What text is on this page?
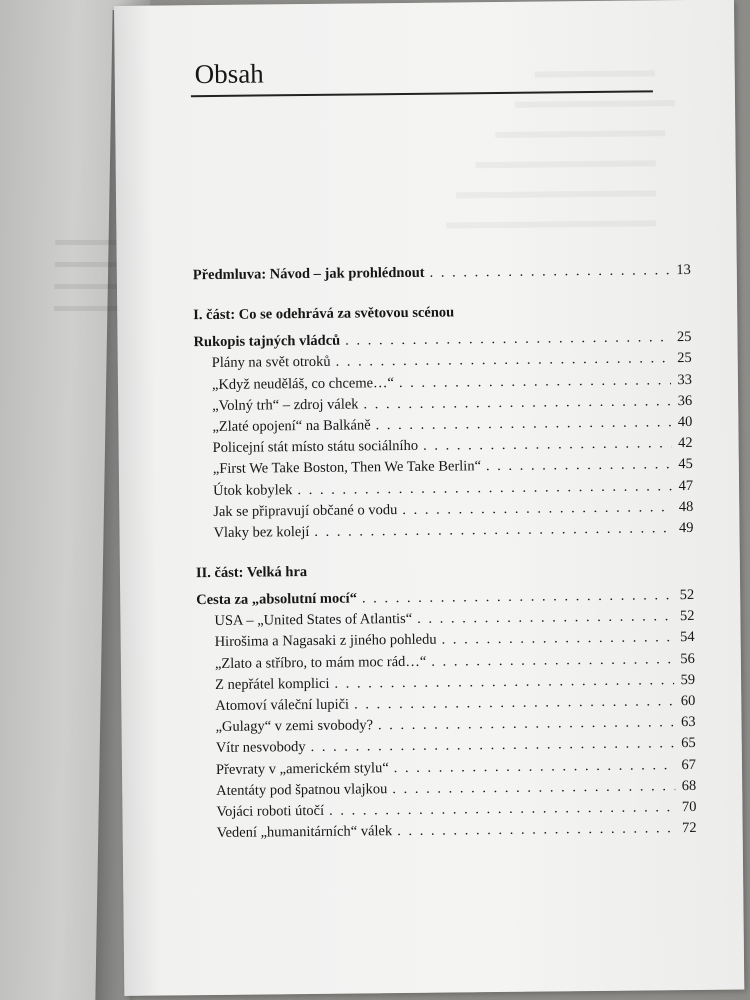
Obsah
Předmluva: Návod – jak prohlédnout . . .	13
I. část: Co se odehrává za světovou scénou
Rukopis tajných vládců . . .	25
Plány na svět otroků . . .	25
„Když neuděláš, co chceme…“ . . .	33
„Volný trh“ – zdroj válek . . .	36
„Zlaté opojení“ na Balkáně . . .	40
Policejní stát místo státu sociálního . . .	42
„First We Take Boston, Then We Take Berlin“ . . .	45
Útok kobylek . . .	47
Jak se připravují občané o vodu . . .	48
Vlaky bez kolejí . . .	49
II. část: Velká hra
Cesta za „absolutní mocí“ . . .	52
USA – „United States of Atlantis“ . . .	52
Hirošima a Nagasaki z jiného pohledu . . .	54
„Zlato a stříbro, to mám moc rád…“ . . .	56
Z nepřátel komplici . . .	59
Atomoví váleční lupiči . . .	60
„Gulagy“ v zemi svobody? . . .	63
Vítr nesvobody . . .	65
Převraty v „americkém stylu“ . . .	67
Atentáty pod špatnou vlajkou . . .	68
Vojáci roboti útočí . . .	70
Vedení „humanitárních“ válek . . .	72
